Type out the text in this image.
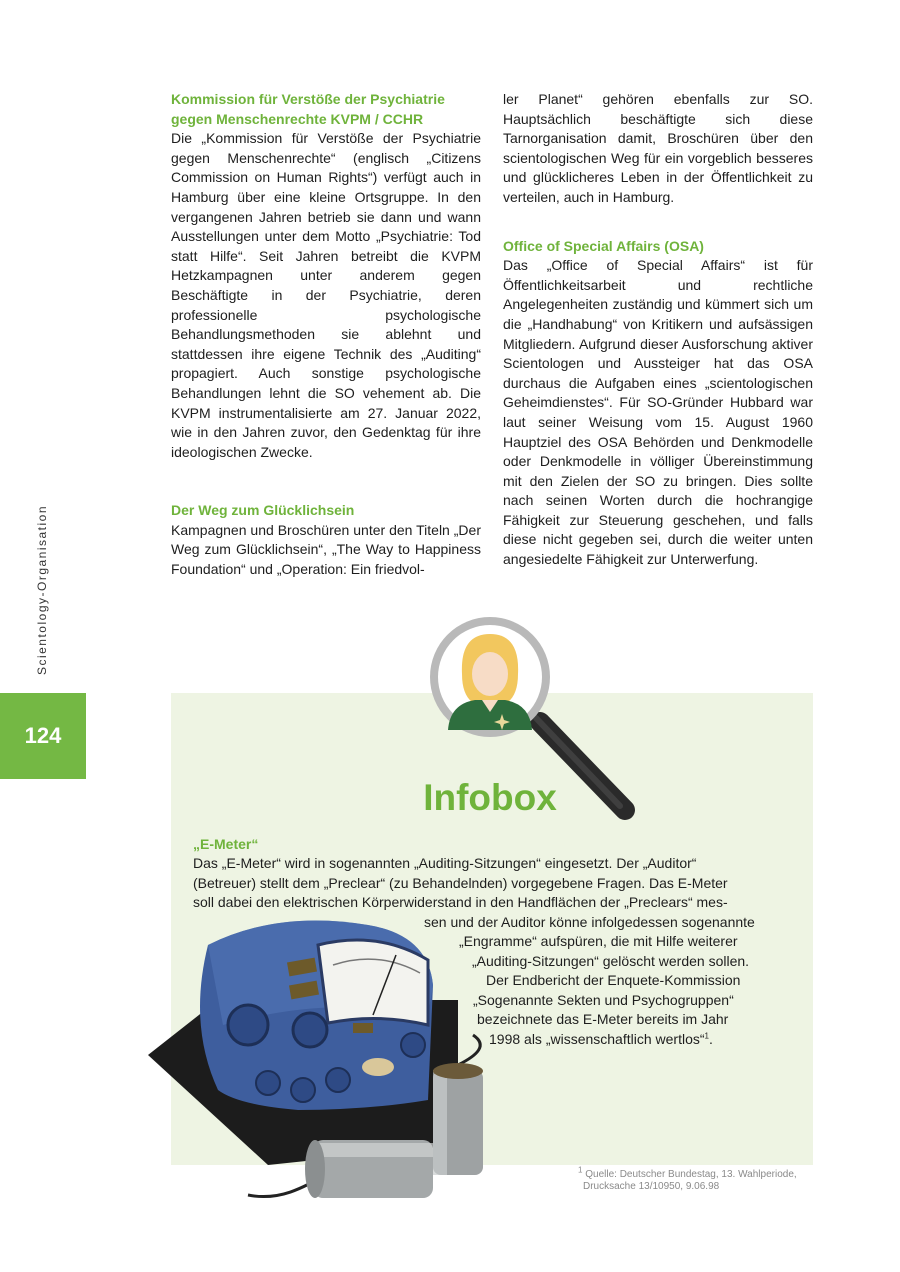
Scientology-Organisation
124
Kommission für Verstöße der Psychiatrie
gegen Menschenrechte KVPM / CCHR

Die „Kommission für Verstöße der Psychiatrie gegen Menschenrechte“ (englisch „Citizens Commission on Human Rights“) verfügt auch in Hamburg über eine kleine Ortsgruppe. In den vergangenen Jahren betrieb sie dann und wann Ausstellungen unter dem Motto „Psychiatrie: Tod statt Hilfe“. Seit Jahren betreibt die KVPM Hetzkampagnen unter anderem gegen Beschäftigte in der Psychiatrie, deren professionelle psychologische Behandlungsmethoden sie ablehnt und stattdessen ihre eigene Technik des „Auditing“ propagiert. Auch sonstige psychologische Behandlungen lehnt die SO vehement ab. Die KVPM instrumentalisierte am 27. Januar 2022, wie in den Jahren zuvor, den Gedenktag für ihre ideologischen Zwecke.

Der Weg zum Glücklichsein

Kampagnen und Broschüren unter den Titeln „Der Weg zum Glücklichsein“, „The Way to Happiness Foundation“ und „Operation: Ein friedvol-

ler Planet“ gehören ebenfalls zur SO. Hauptsächlich beschäftigte sich diese Tarnorganisation damit, Broschüren über den scientologischen Weg für ein vorgeblich besseres und glücklicheres Leben in der Öffentlichkeit zu verteilen, auch in Hamburg.

Office of Special Affairs (OSA)

Das „Office of Special Affairs“ ist für Öffentlichkeitsarbeit und rechtliche Angelegenheiten zuständig und kümmert sich um die „Handhabung“ von Kritikern und aufsässigen Mitgliedern. Aufgrund dieser Ausforschung aktiver Scientologen und Aussteiger hat das OSA durchaus die Aufgaben eines „scientologischen Geheimdienstes“. Für SO-Gründer Hubbard war laut seiner Weisung vom 15. August 1960 Hauptziel des OSA Behörden und Denkmodelle oder Denkmodelle in völliger Übereinstimmung mit den Zielen der SO zu bringen. Dies sollte nach seinen Worten durch die hochrangige Fähigkeit zur Steuerung geschehen, und falls diese nicht gegeben sei, durch die weiter unten angesiedelte Fähigkeit zur Unterwerfung.

Infobox
„E-Meter“
Das „E-Meter“ wird in sogenannten „Auditing-Sitzungen“ eingesetzt. Der „Auditor“
(Betreuer) stellt dem „Preclear“ (zu Behandelnden) vorgegebene Fragen. Das E-Meter
soll dabei den elektrischen Körperwiderstand in den Handflächen der „Preclears“ mes-
sen und der Auditor könne infolgedessen sogenannte
„Engramme“ aufspüren, die mit Hilfe weiterer
„Auditing-Sitzungen“ gelöscht werden sollen.
Der Endbericht der Enquete-Kommission
„Sogenannte Sekten und Psychogruppen“
bezeichnete das E-Meter bereits im Jahr
1998 als „wissenschaftlich wertlos“$^1$.
$^1$ Quelle: Deutscher Bundestag, 13. Wahlperiode,
Drucksache 13/10950, 9.06.98
